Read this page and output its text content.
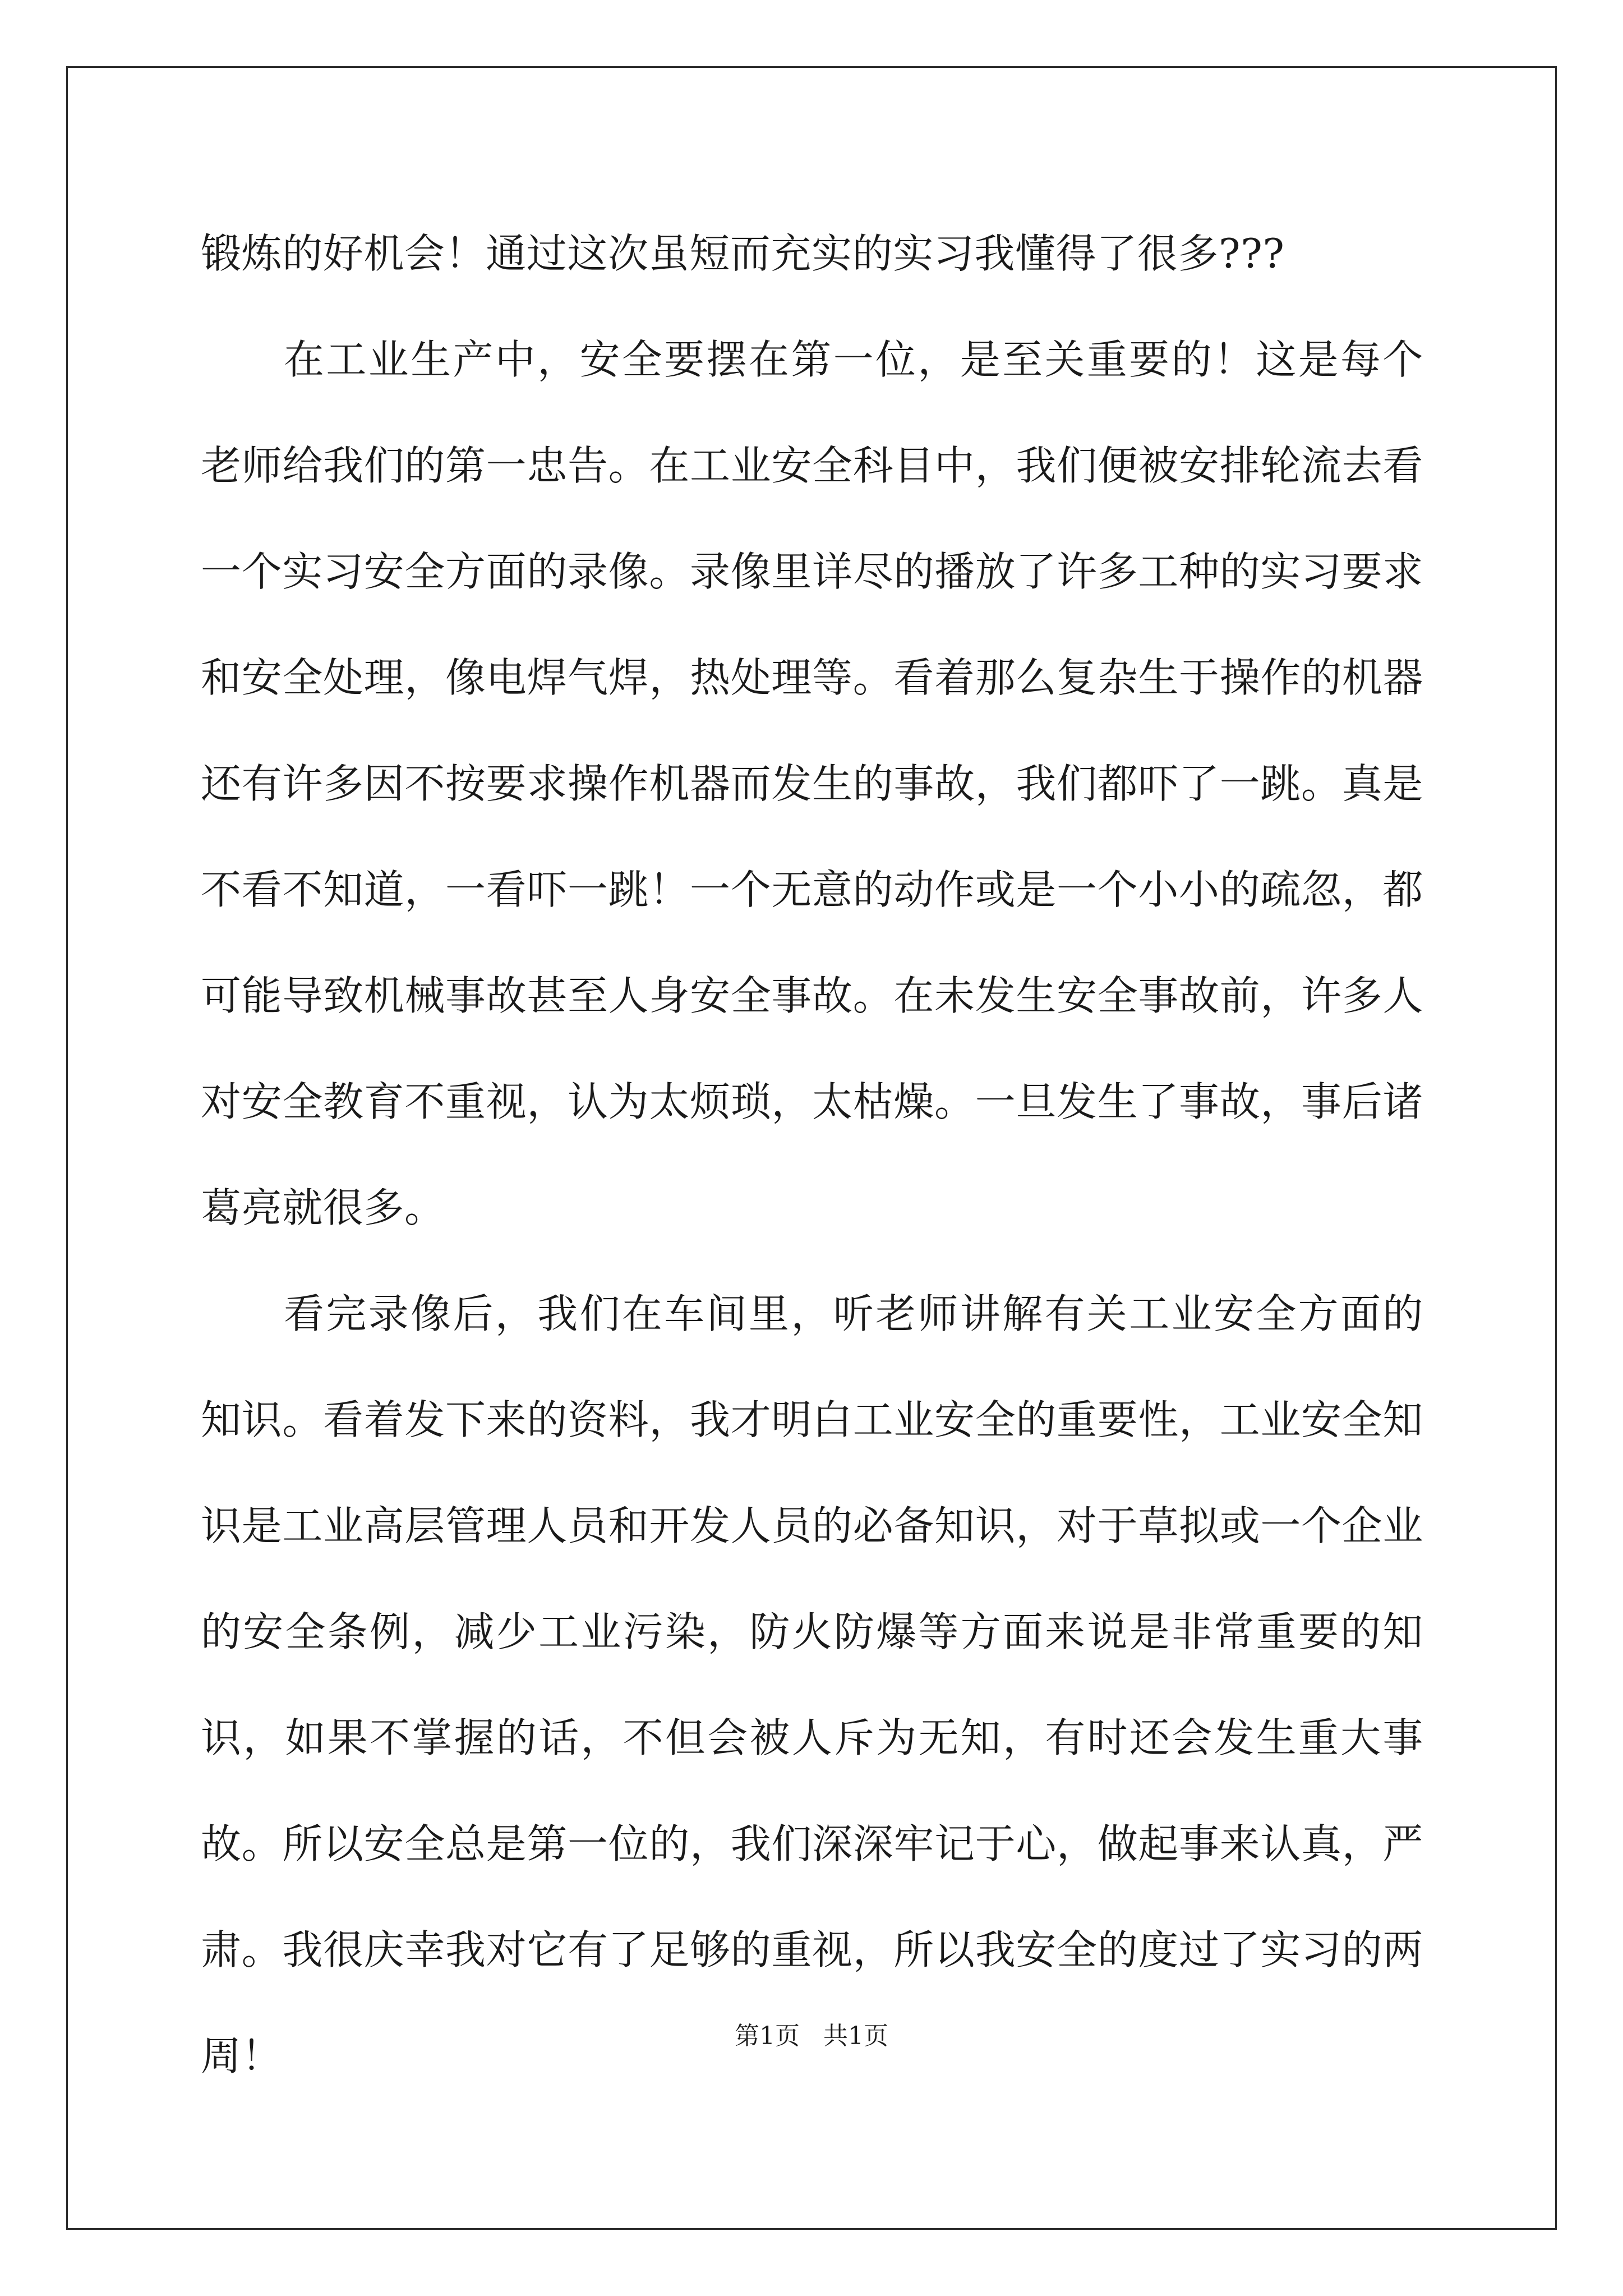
锻炼的好机会！通过这次虽短而充实的实习我懂得了很多???

在工业生产中，安全要摆在第一位，是至关重要的！这是每个老师给我们的第一忠告。在工业安全科目中，我们便被安排轮流去看一个实习安全方面的录像。录像里详尽的播放了许多工种的实习要求和安全处理，像电焊气焊，热处理等。看着那么复杂生于操作的机器还有许多因不按要求操作机器而发生的事故，我们都吓了一跳。真是不看不知道，一看吓一跳！一个无意的动作或是一个小小的疏忽，都可能导致机械事故甚至人身安全事故。在未发生安全事故前，许多人对安全教育不重视，认为太烦琐，太枯燥。一旦发生了事故，事后诸葛亮就很多。

看完录像后，我们在车间里，听老师讲解有关工业安全方面的知识。看着发下来的资料，我才明白工业安全的重要性，工业安全知识是工业高层管理人员和开发人员的必备知识，对于草拟或一个企业的安全条例，减少工业污染，防火防爆等方面来说是非常重要的知识，如果不掌握的话，不但会被人斥为无知，有时还会发生重大事故。所以安全总是第一位的，我们深深牢记于心，做起事来认真，严肃。我很庆幸我对它有了足够的重视，所以我安全的度过了实习的两周！	第1页   共1页
